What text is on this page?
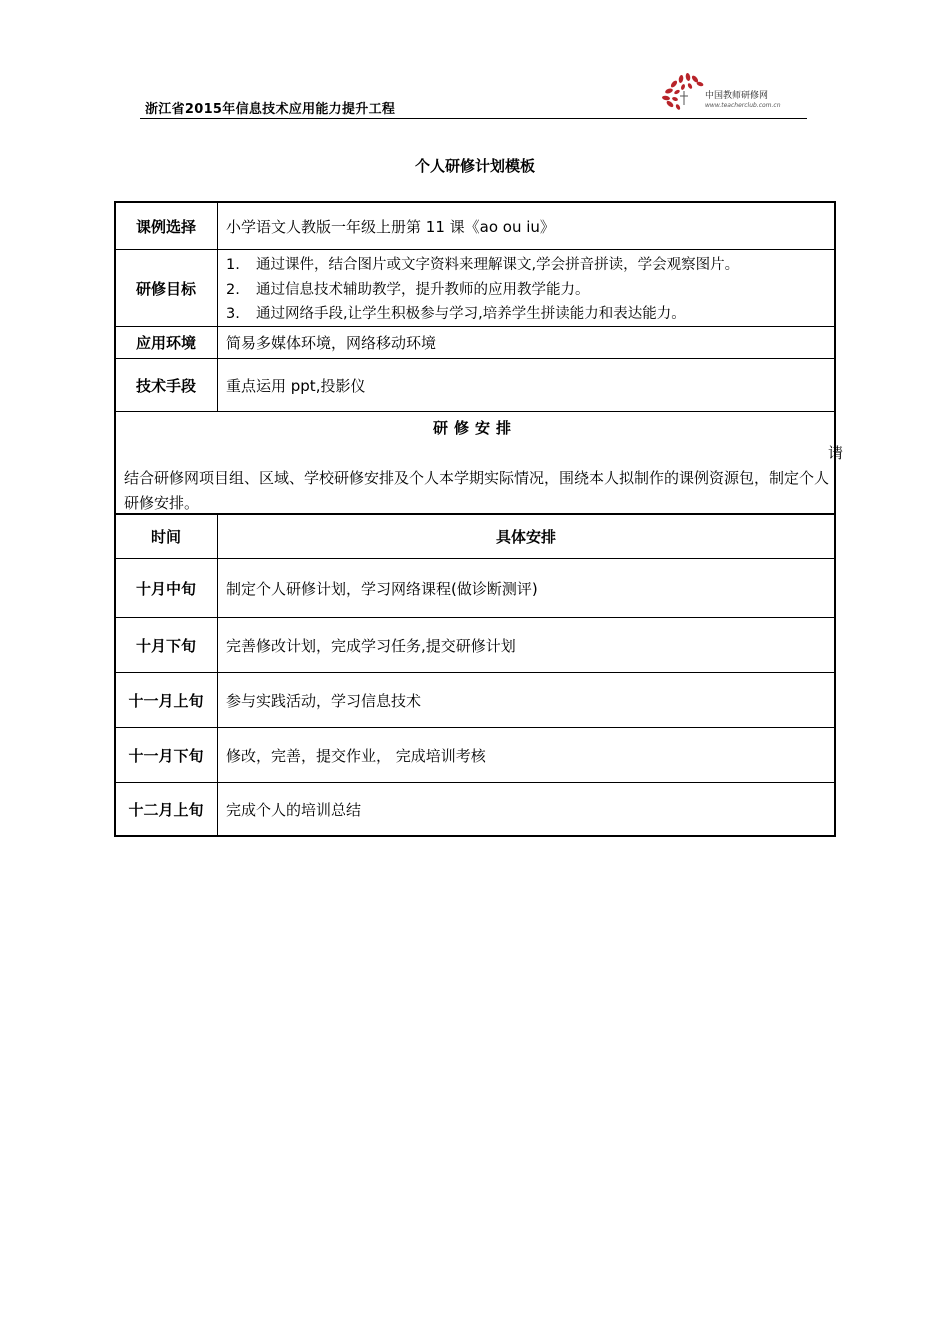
浙江省2015年信息技术应用能力提升工程
中国教师研修网
www.teacherclub.com.cn
个人研修计划模板
课例选择	小学语文人教版一年级上册第 11 课《ao ou iu》
研修目标
1.	通过课件，结合图片或文字资料来理解课文,学会拼音拼读，学会观察图片。
2.	通过信息技术辅助教学，提升教师的应用教学能力。
3.	通过网络手段,让学生积极参与学习,培养学生拼读能力和表达能力。
应用环境	简易多媒体环境，网络移动环境
技术手段	重点运用 ppt,投影仪
研修安排
请
结合研修网项目组、区域、学校研修安排及个人本学期实际情况，围绕本人拟制作的课例资源包，制定个人研修安排。
时间	具体安排
十月中旬	制定个人研修计划，学习网络课程(做诊断测评)
十月下旬	完善修改计划，完成学习任务,提交研修计划
十一月上旬	参与实践活动，学习信息技术
十一月下旬	修改，完善，提交作业， 完成培训考核
十二月上旬	完成个人的培训总结
